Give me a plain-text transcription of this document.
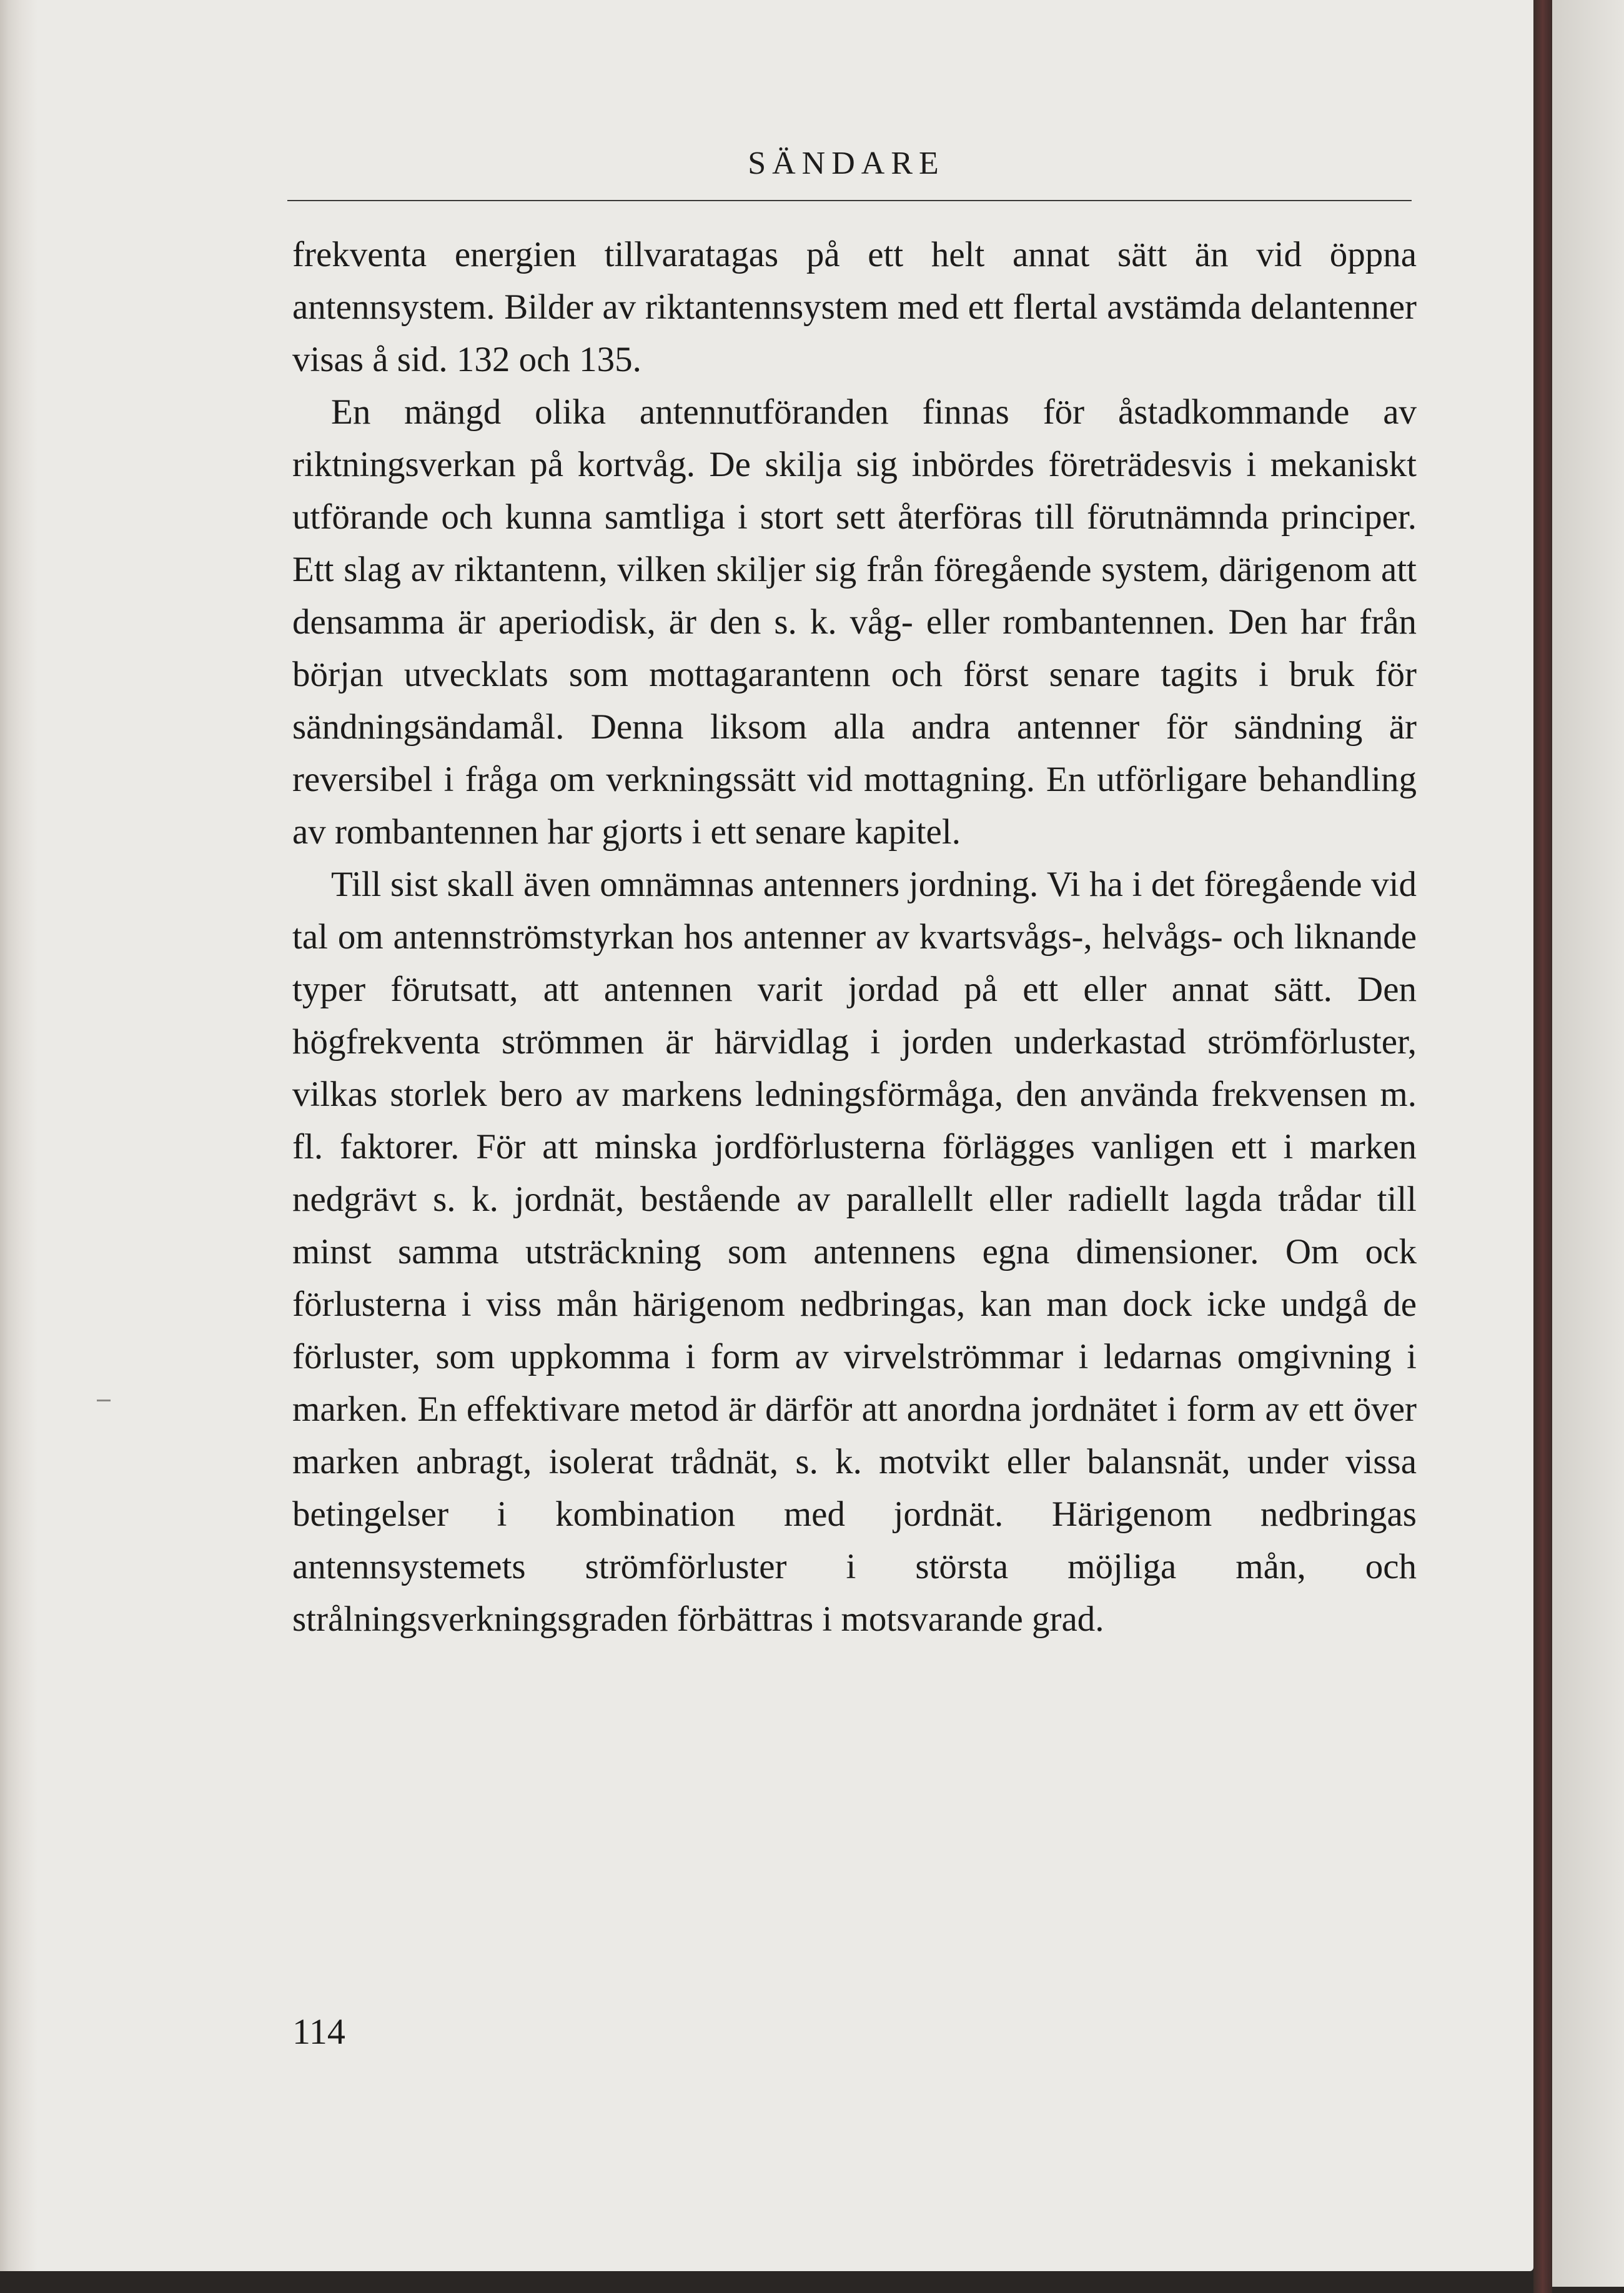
SÄNDARE

frekventa energien tillvaratagas på ett helt annat sätt än vid öppna antennsystem. Bilder av riktantennsystem med ett flertal avstämda delantenner visas å sid. 132 och 135.

En mängd olika antennutföranden finnas för åstadkommande av riktningsverkan på kortvåg. De skilja sig inbördes företrädesvis i mekaniskt utförande och kunna samtliga i stort sett återföras till förutnämnda principer. Ett slag av riktantenn, vilken skiljer sig från föregående system, därigenom att densamma är aperiodisk, är den s. k. våg- eller rombantennen. Den har från början utvecklats som mottagarantenn och först senare tagits i bruk för sändningsändamål. Denna liksom alla andra antenner för sändning är reversibel i fråga om verkningssätt vid mottagning. En utförligare behandling av rombantennen har gjorts i ett senare kapitel.

Till sist skall även omnämnas antenners jordning. Vi ha i det föregående vid tal om antennströmstyrkan hos antenner av kvartsvågs-, helvågs- och liknande typer förutsatt, att antennen varit jordad på ett eller annat sätt. Den högfrekventa strömmen är härvidlag i jorden underkastad strömförluster, vilkas storlek bero av markens ledningsförmåga, den använda frekvensen m. fl. faktorer. För att minska jordförlusterna förlägges vanligen ett i marken nedgrävt s. k. jordnät, bestående av parallellt eller radiellt lagda trådar till minst samma utsträckning som antennens egna dimensioner. Om ock förlusterna i viss mån härigenom nedbringas, kan man dock icke undgå de förluster, som uppkomma i form av virvelströmmar i ledarnas omgivning i marken. En effektivare metod är därför att anordna jordnätet i form av ett över marken anbragt, isolerat trådnät, s. k. motvikt eller balansnät, under vissa betingelser i kombination med jordnät. Härigenom nedbringas antennsystemets strömförluster i största möjliga mån, och strålningsverkningsgraden förbättras i motsvarande grad.

114
